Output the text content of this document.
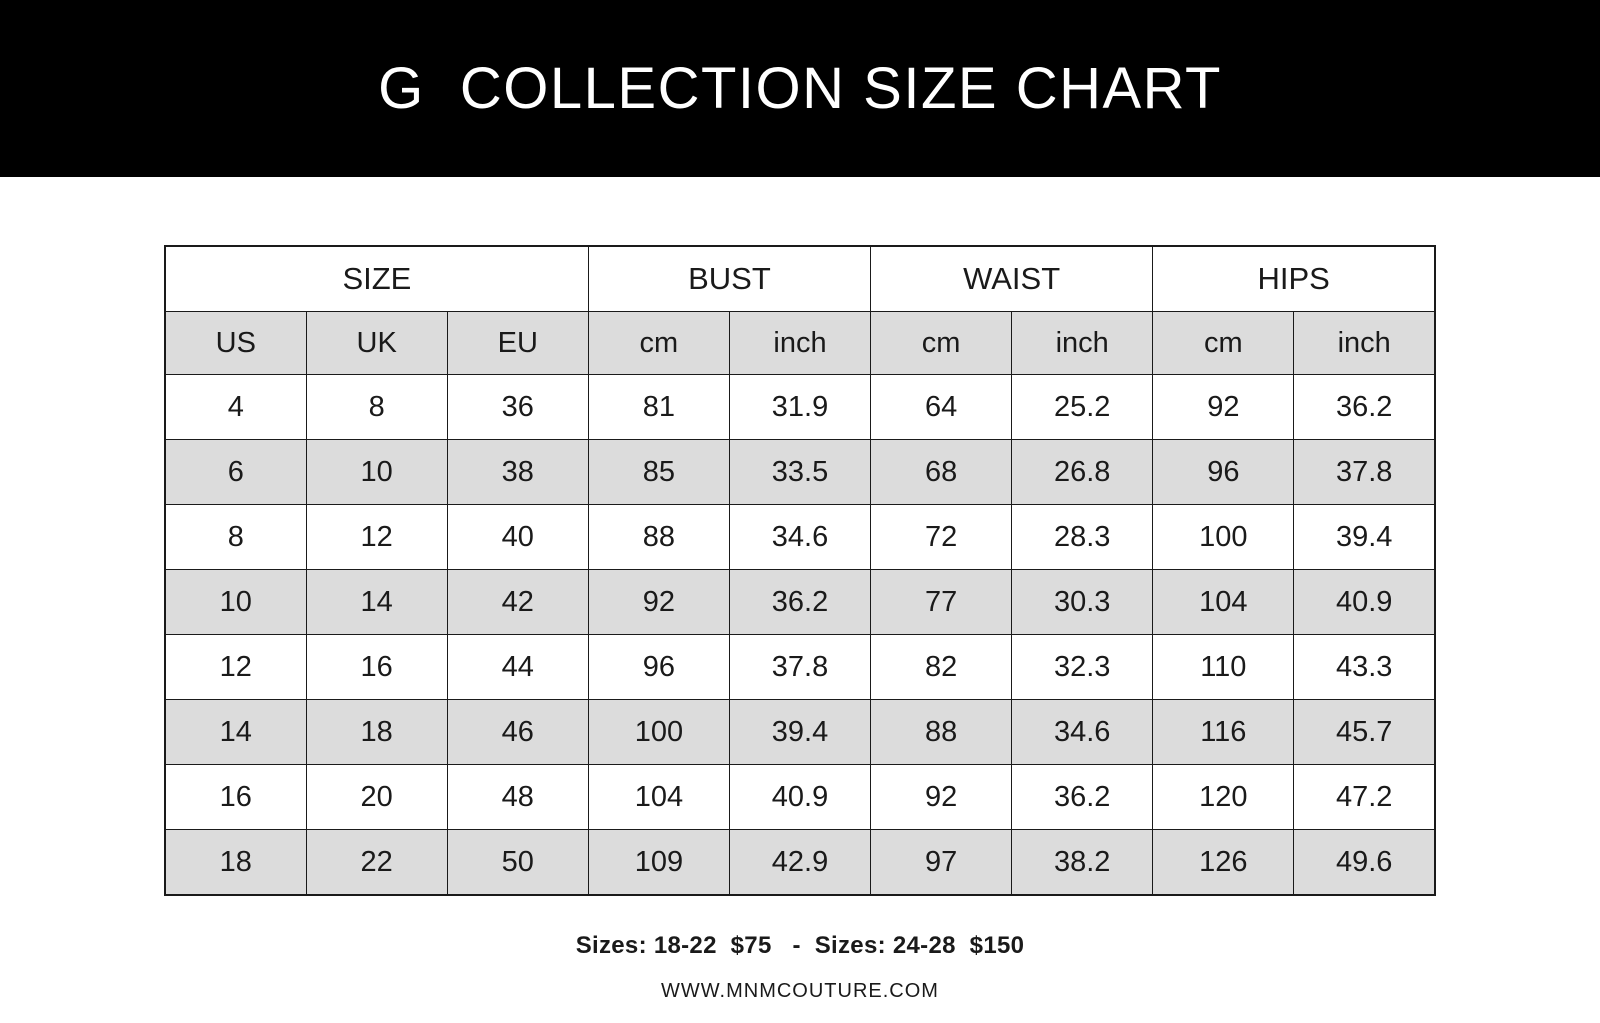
G  COLLECTION SIZE CHART
SIZE			BUST		WAIST		HIPS	
US	UK	EU	cm	inch	cm	inch	cm	inch
4	8	36	81	31.9	64	25.2	92	36.2
6	10	38	85	33.5	68	26.8	96	37.8
8	12	40	88	34.6	72	28.3	100	39.4
10	14	42	92	36.2	77	30.3	104	40.9
12	16	44	96	37.8	82	32.3	110	43.3
14	18	46	100	39.4	88	34.6	116	45.7
16	20	48	104	40.9	92	36.2	120	47.2
18	22	50	109	42.9	97	38.2	126	49.6
Sizes: 18-22  $75   -  Sizes: 24-28  $150
WWW.MNMCOUTURE.COM
